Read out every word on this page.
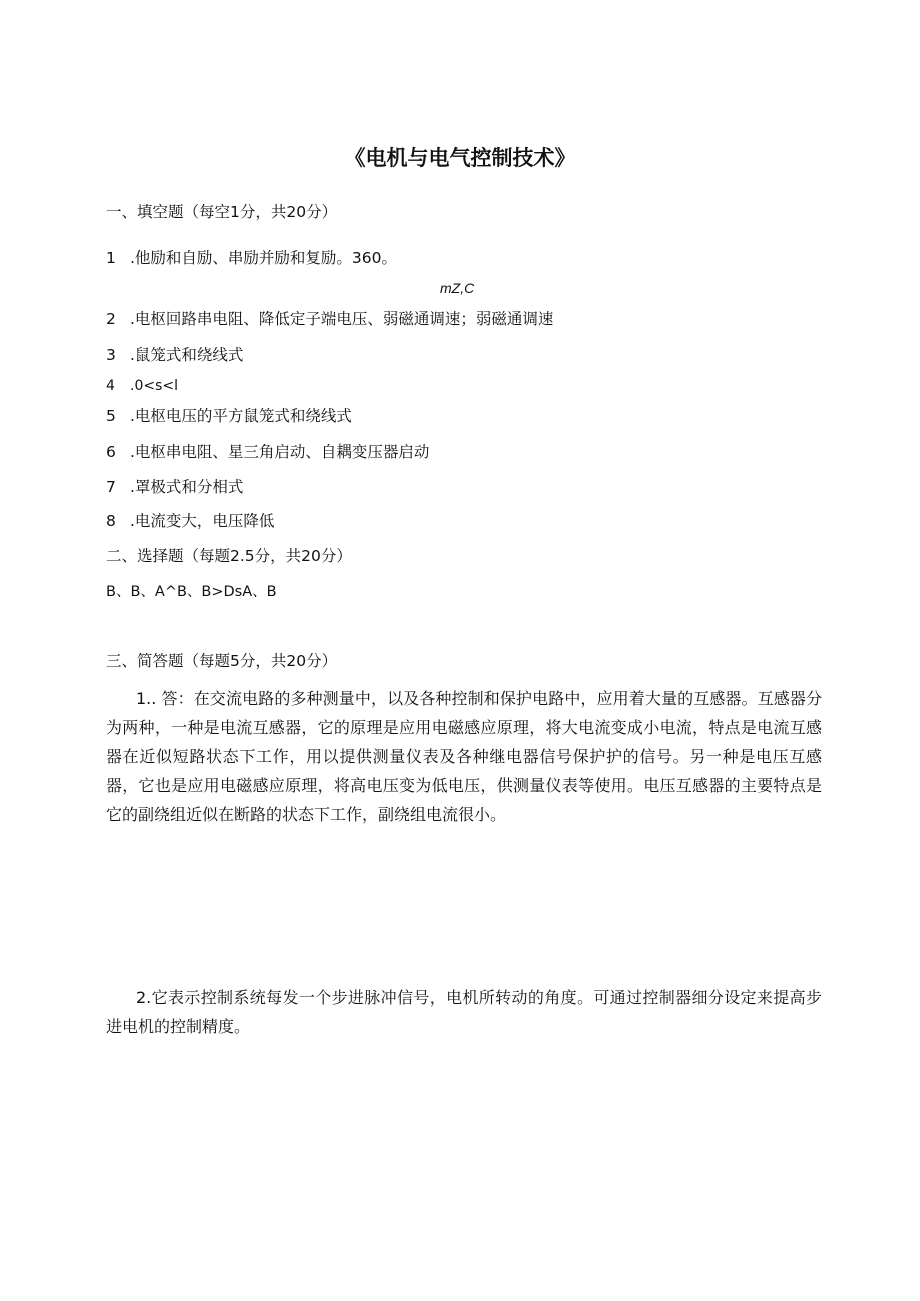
《电机与电气控制技术》
一、填空题（每空1分，共20分）
1 .他励和自励、串励并励和复励。360。
mZ,C
2 .电枢回路串电阻、降低定子端电压、弱磁通调速；弱磁通调速
3 .鼠笼式和绕线式
4 .0<s<l
5 .电枢电压的平方鼠笼式和绕线式
6 .电枢串电阻、星三角启动、自耦变压器启动
7 .罩极式和分相式
8 .电流变大，电压降低
二、选择题（每题2.5分，共20分）
B、B、A^B、B>DsA、B
三、简答题（每题5分，共20分）
1.. 答：在交流电路的多种测量中，以及各种控制和保护电路中，应用着大量的互感器。互感器分为两种，一种是电流互感器，它的原理是应用电磁感应原理，将大电流变成小电流，特点是电流互感器在近似短路状态下工作，用以提供测量仪表及各种继电器信号保护护的信号。另一种是电压互感器，它也是应用电磁感应原理，将高电压变为低电压，供测量仪表等使用。电压互感器的主要特点是它的副绕组近似在断路的状态下工作，副绕组电流很小。
2.它表示控制系统每发一个步进脉冲信号，电机所转动的角度。可通过控制器细分设定来提高步进电机的控制精度。
